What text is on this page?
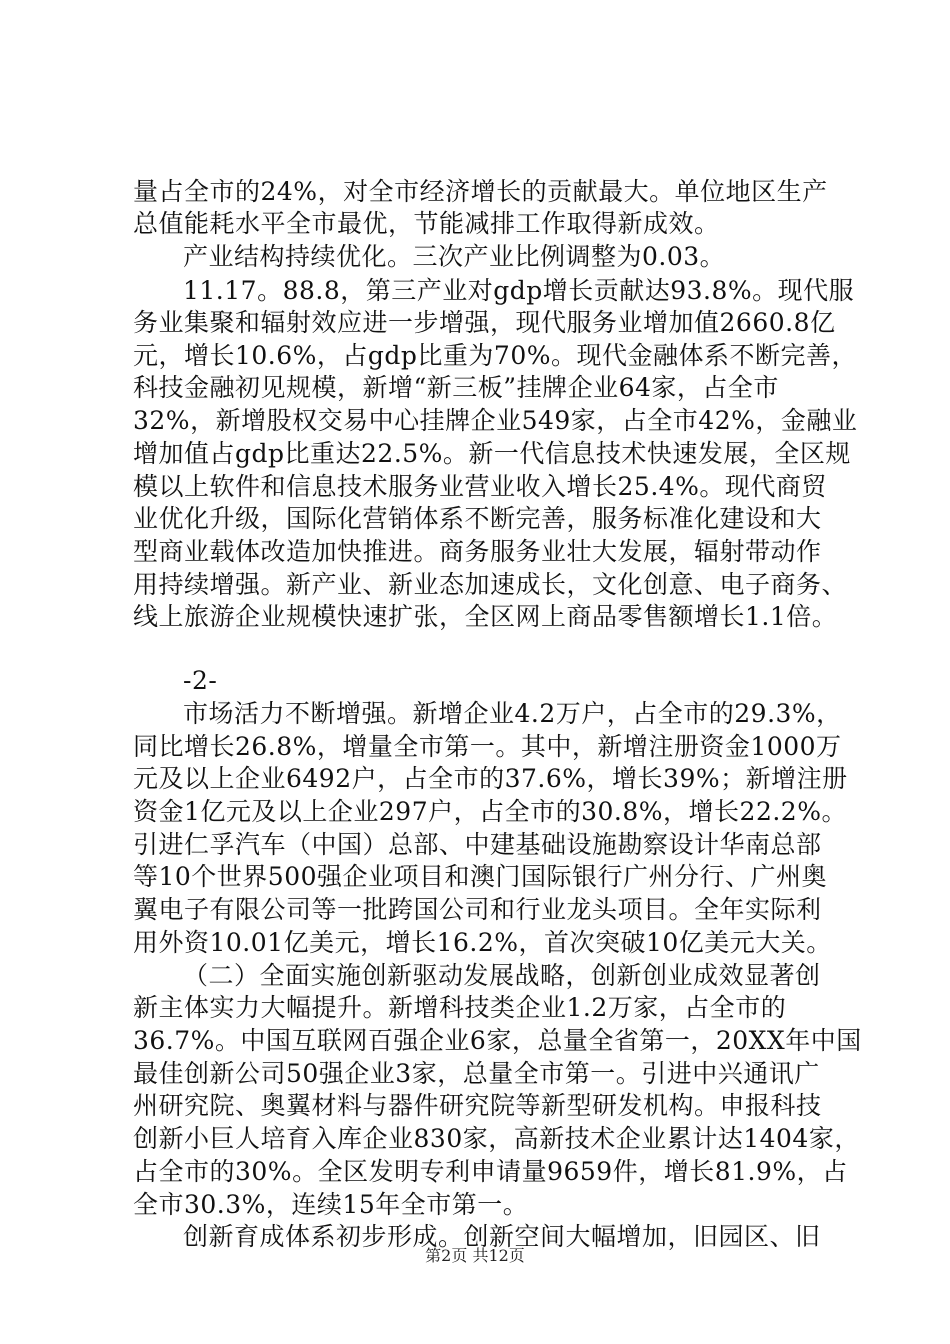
量占全市的24%，对全市经济增长的贡献最大。单位地区生产
总值能耗水平全市最优，节能减排工作取得新成效。
产业结构持续优化。三次产业比例调整为0.03。
11.17。88.8，第三产业对gdp增长贡献达93.8%。现代服
务业集聚和辐射效应进一步增强，现代服务业增加值2660.8亿
元，增长10.6%，占gdp比重为70%。现代金融体系不断完善，
科技金融初见规模，新增“新三板”挂牌企业64家，占全市
32%，新增股权交易中心挂牌企业549家，占全市42%，金融业
增加值占gdp比重达22.5%。新一代信息技术快速发展，全区规
模以上软件和信息技术服务业营业收入增长25.4%。现代商贸
业优化升级，国际化营销体系不断完善，服务标准化建设和大
型商业载体改造加快推进。商务服务业壮大发展，辐射带动作
用持续增强。新产业、新业态加速成长，文化创意、电子商务、
线上旅游企业规模快速扩张，全区网上商品零售额增长1.1倍。
-2-
市场活力不断增强。新增企业4.2万户，占全市的29.3%，
同比增长26.8%，增量全市第一。其中，新增注册资金1000万
元及以上企业6492户，占全市的37.6%，增长39%；新增注册
资金1亿元及以上企业297户，占全市的30.8%，增长22.2%。
引进仁孚汽车（中国）总部、中建基础设施勘察设计华南总部
等10个世界500强企业项目和澳门国际银行广州分行、广州奥
翼电子有限公司等一批跨国公司和行业龙头项目。全年实际利
用外资10.01亿美元，增长16.2%，首次突破10亿美元大关。
（二）全面实施创新驱动发展战略，创新创业成效显著创
新主体实力大幅提升。新增科技类企业1.2万家，占全市的
36.7%。中国互联网百强企业6家，总量全省第一，20XX年中国
最佳创新公司50强企业3家，总量全市第一。引进中兴通讯广
州研究院、奥翼材料与器件研究院等新型研发机构。申报科技
创新小巨人培育入库企业830家，高新技术企业累计达1404家，
占全市的30%。全区发明专利申请量9659件，增长81.9%，占
全市30.3%，连续15年全市第一。
创新育成体系初步形成。创新空间大幅增加，旧园区、旧
第2页 共12页
